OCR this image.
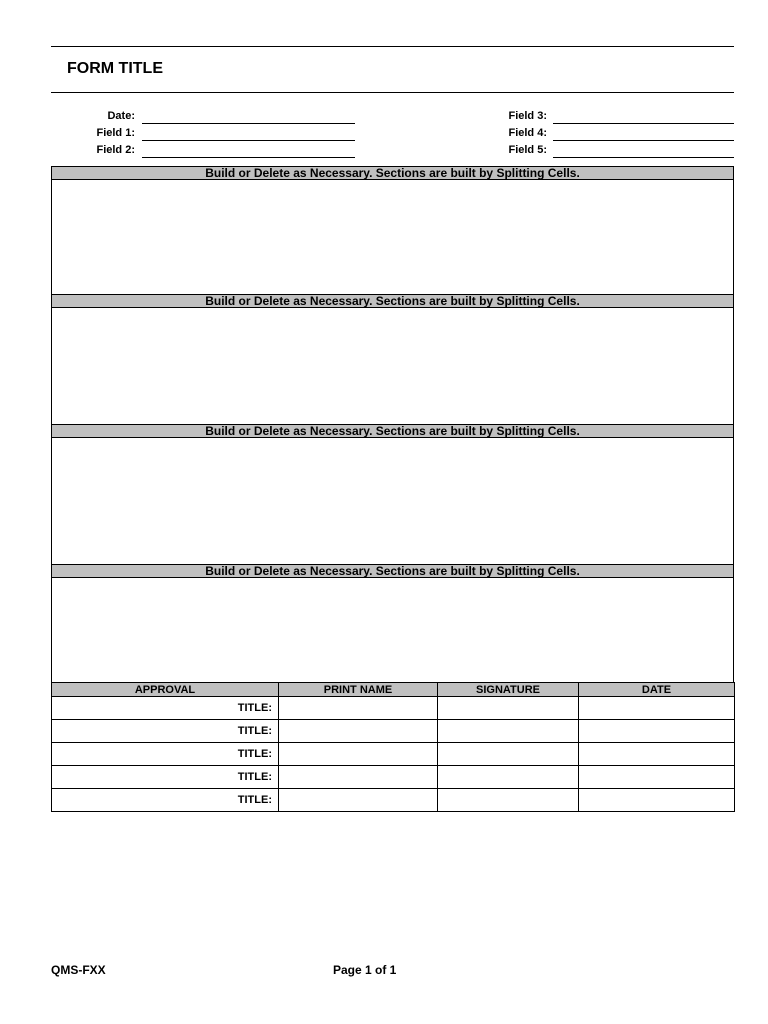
FORM TITLE
Date:
Field 1:
Field 2:
Field 3:
Field 4:
Field 5:
Build or Delete as Necessary. Sections are built by Splitting Cells.
Build or Delete as Necessary. Sections are built by Splitting Cells.
Build or Delete as Necessary. Sections are built by Splitting Cells.
Build or Delete as Necessary. Sections are built by Splitting Cells.
APPROVAL	PRINT NAME	SIGNATURE	DATE
TITLE:			
TITLE:			
TITLE:			
TITLE:			
TITLE:			
QMS-FXX	Page 1 of 1
